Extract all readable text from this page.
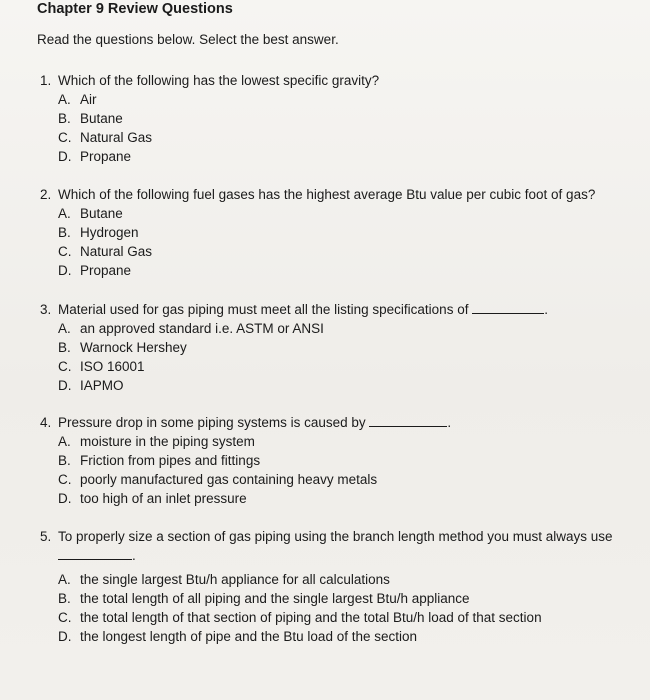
Chapter 9 Review Questions
Read the questions below. Select the best answer.
1. Which of the following has the lowest specific gravity?
A. Air
B. Butane
C. Natural Gas
D. Propane
2. Which of the following fuel gases has the highest average Btu value per cubic foot of gas?
A. Butane
B. Hydrogen
C. Natural Gas
D. Propane
3. Material used for gas piping must meet all the listing specifications of	.
A. an approved standard i.e. ASTM or ANSI
B. Warnock Hershey
C. ISO 16001
D. IAPMO
4. Pressure drop in some piping systems is caused by	.
A. moisture in the piping system
B. Friction from pipes and fittings
C. poorly manufactured gas containing heavy metals
D. too high of an inlet pressure
5. To properly size a section of gas piping using the branch length method you must always use
.
A. the single largest Btu/h appliance for all calculations
B. the total length of all piping and the single largest Btu/h appliance
C. the total length of that section of piping and the total Btu/h load of that section
D. the longest length of pipe and the Btu load of the section
